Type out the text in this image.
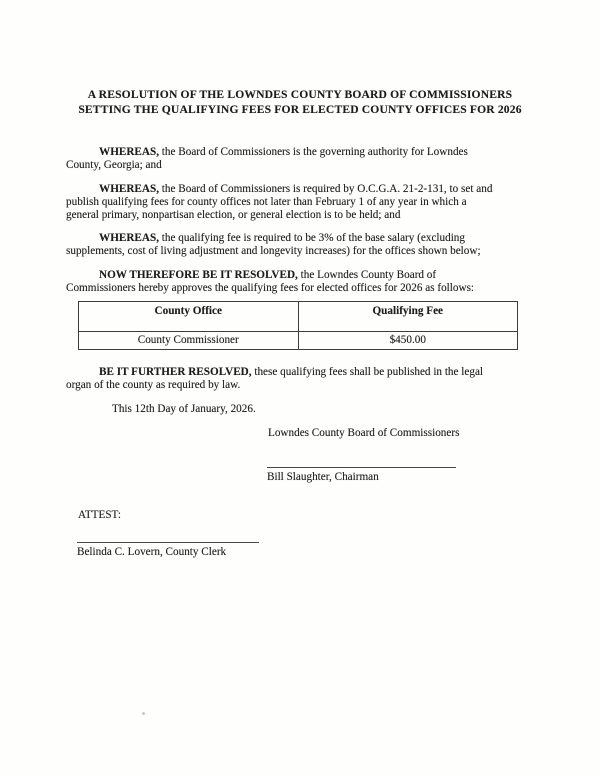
A RESOLUTION OF THE LOWNDES COUNTY BOARD OF COMMISSIONERS
SETTING THE QUALIFYING FEES FOR ELECTED COUNTY OFFICES FOR 2026

WHEREAS, the Board of Commissioners is the governing authority for Lowndes
County, Georgia; and

WHEREAS, the Board of Commissioners is required by O.C.G.A. 21-2-131, to set and
publish qualifying fees for county offices not later than February 1 of any year in which a
general primary, nonpartisan election, or general election is to be held; and

WHEREAS, the qualifying fee is required to be 3% of the base salary (excluding
supplements, cost of living adjustment and longevity increases) for the offices shown below;

NOW THEREFORE BE IT RESOLVED, the Lowndes County Board of
Commissioners hereby approves the qualifying fees for elected offices for 2026 as follows:

County Office	Qualifying Fee
County Commissioner	$450.00

BE IT FURTHER RESOLVED, these qualifying fees shall be published in the legal
organ of the county as required by law.

This 12th Day of January, 2026.

Lowndes County Board of Commissioners
Bill Slaughter, Chairman
ATTEST:
Belinda C. Lovern, County Clerk
